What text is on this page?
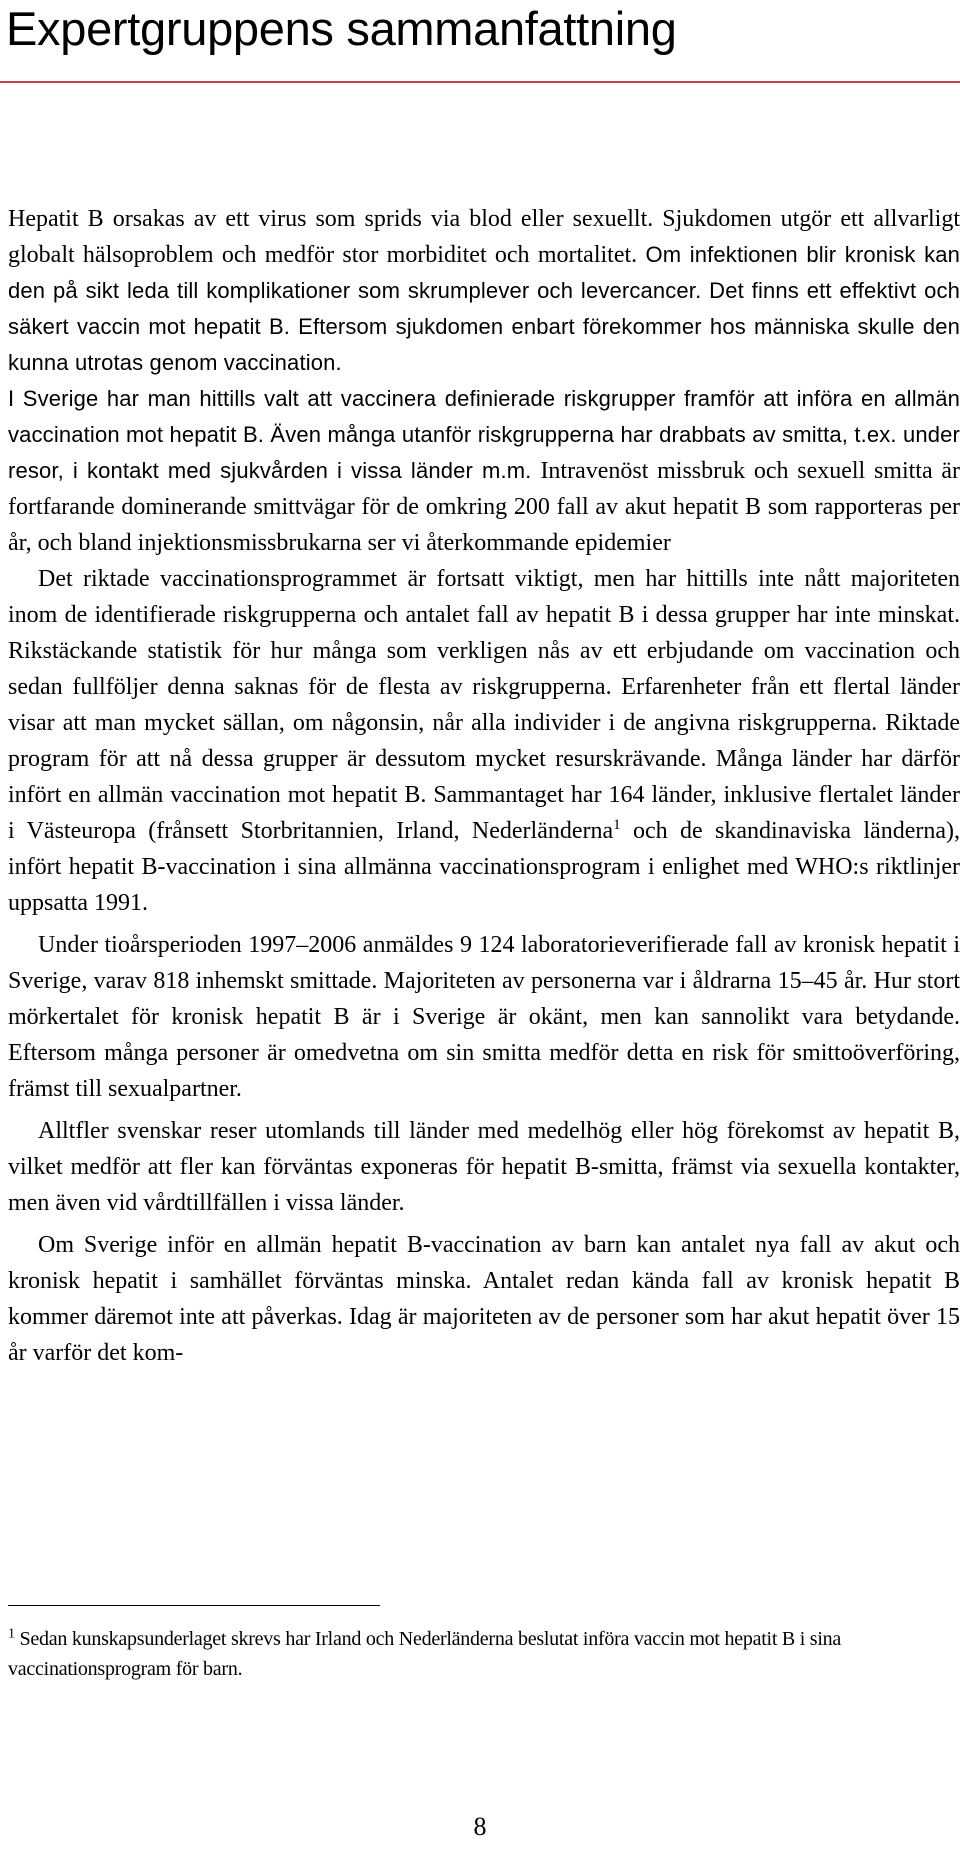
Expertgruppens sammanfattning

Hepatit B orsakas av ett virus som sprids via blod eller sexuellt. Sjukdomen utgör ett allvarligt globalt hälsoproblem och medför stor morbiditet och mortalitet. Om infektionen blir kronisk kan den på sikt leda till komplikationer som skrumplever och levercancer. Det finns ett effektivt och säkert vaccin mot hepatit B. Eftersom sjukdomen enbart förekommer hos människa skulle den kunna utrotas genom vaccination.

I Sverige har man hittills valt att vaccinera definierade riskgrupper framför att införa en allmän vaccination mot hepatit B. Även många utanför riskgrupperna har drabbats av smitta, t.ex. under resor, i kontakt med sjukvården i vissa länder m.m. Intravenöst missbruk och sexuell smitta är fortfarande dominerande smittvägar för de omkring 200 fall av akut hepatit B som rapporteras per år, och bland injektionsmissbrukarna ser vi återkommande epidemier

Det riktade vaccinationsprogrammet är fortsatt viktigt, men har hittills inte nått majoriteten inom de identifierade riskgrupperna och antalet fall av hepatit B i dessa grupper har inte minskat. Rikstäckande statistik för hur många som verkligen nås av ett erbjudande om vaccination och sedan fullföljer denna saknas för de flesta av riskgrupperna. Erfarenheter från ett flertal länder visar att man mycket sällan, om någonsin, når alla individer i de angivna riskgrupperna. Riktade program för att nå dessa grupper är dessutom mycket resurskrävande. Många länder har därför infört en allmän vaccination mot hepatit B. Sammantaget har 164 länder, inklusive flertalet länder i Västeuropa (frånsett Storbritannien, Irland, Nederländerna$^1$ och de skandinaviska länderna), infört hepatit B-vaccination i sina allmänna vaccinationsprogram i enlighet med WHO:s riktlinjer uppsatta 1991.

Under tioårsperioden 1997–2006 anmäldes 9 124 laboratorieverifierade fall av kronisk hepatit i Sverige, varav 818 inhemskt smittade. Majoriteten av personerna var i åldrarna 15–45 år. Hur stort mörkertalet för kronisk hepatit B är i Sverige är okänt, men kan sannolikt vara betydande. Eftersom många personer är omedvetna om sin smitta medför detta en risk för smittoöverföring, främst till sexualpartner.

Alltfler svenskar reser utomlands till länder med medelhög eller hög förekomst av hepatit B, vilket medför att fler kan förväntas exponeras för hepatit B-smitta, främst via sexuella kontakter, men även vid vårdtillfällen i vissa länder.

Om Sverige inför en allmän hepatit B-vaccination av barn kan antalet nya fall av akut och kronisk hepatit i samhället förväntas minska. Antalet redan kända fall av kronisk hepatit B kommer däremot inte att påverkas. Idag är majoriteten av de personer som har akut hepatit över 15 år varför det kom-

$^1$ Sedan kunskapsunderlaget skrevs har Irland och Nederländerna beslutat införa vaccin mot hepatit B i sina vaccinationsprogram för barn.
8
